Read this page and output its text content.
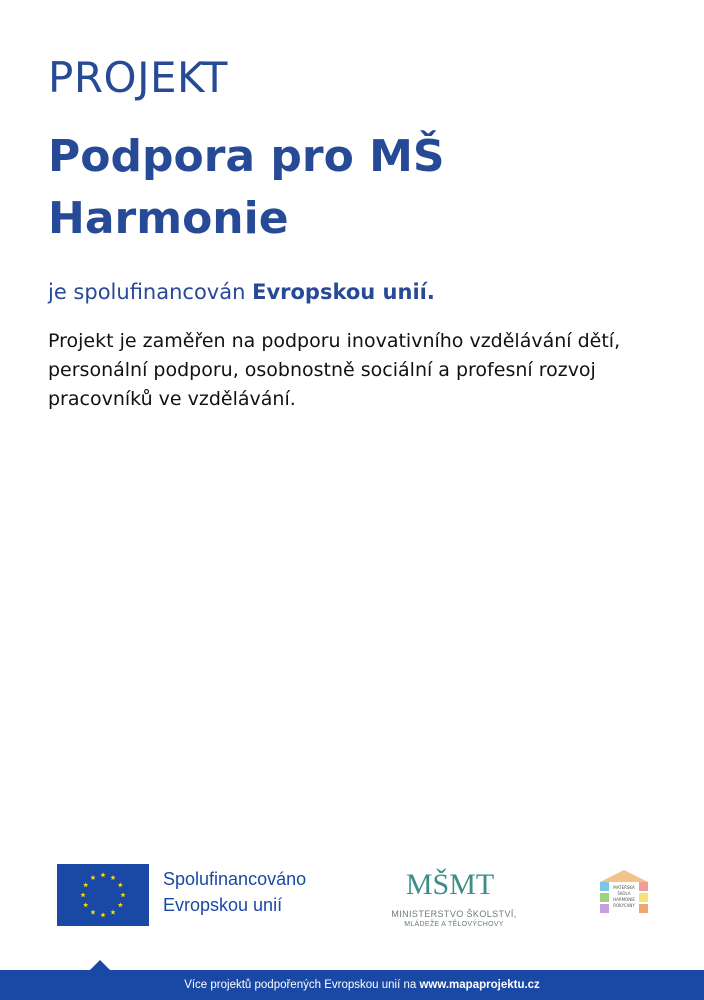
PROJEKT
Podpora pro MŠ
Harmonie
je spolufinancován Evropskou unií.
Projekt je zaměřen na podporu inovativního vzdělávání dětí, personální podporu, osobnostně sociální a profesní rozvoj pracovníků ve vzdělávání.
Spolufinancováno
Evropskou unií
MŠMT
MINISTERSTVO ŠKOLSTVÍ,
MLÁDEŽE A TĚLOVÝCHOVY
MATEŘSKÁ
ŠKOLA
HARMONIE
ROKYCANY
Více projektů podpořených Evropskou unií na www.mapaprojektu.cz
